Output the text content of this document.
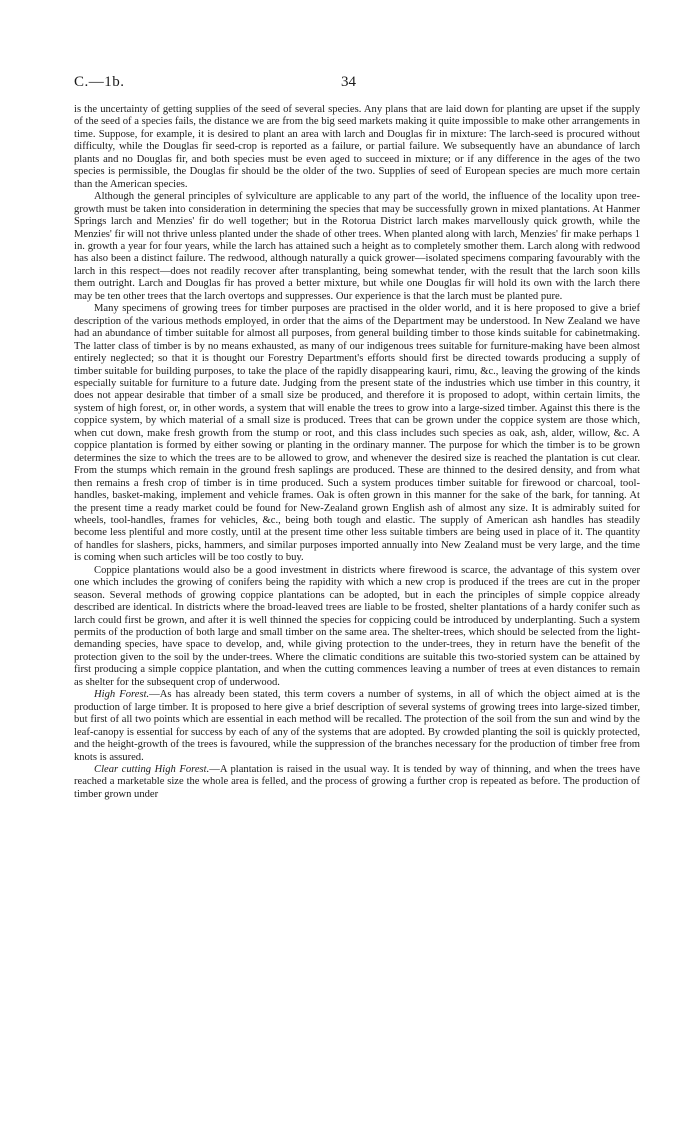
C.—1b.	34

is the uncertainty of getting supplies of the seed of several species. Any plans that are laid down for planting are upset if the supply of the seed of a species fails, the distance we are from the big seed markets making it quite impossible to make other arrangements in time. Suppose, for example, it is desired to plant an area with larch and Douglas fir in mixture: The larch-seed is procured without difficulty, while the Douglas fir seed-crop is reported as a failure, or partial failure. We subsequently have an abundance of larch plants and no Douglas fir, and both species must be even aged to succeed in mixture; or if any difference in the ages of the two species is permissible, the Douglas fir should be the older of the two. Supplies of seed of European species are much more certain than the American species.

Although the general principles of sylviculture are applicable to any part of the world, the influence of the locality upon tree-growth must be taken into consideration in determining the species that may be successfully grown in mixed plantations. At Hanmer Springs larch and Menzies' fir do well together; but in the Rotorua District larch makes marvellously quick growth, while the Menzies' fir will not thrive unless planted under the shade of other trees. When planted along with larch, Menzies' fir make perhaps 1 in. growth a year for four years, while the larch has attained such a height as to completely smother them. Larch along with redwood has also been a distinct failure. The redwood, although naturally a quick grower—isolated specimens comparing favourably with the larch in this respect—does not readily recover after transplanting, being somewhat tender, with the result that the larch soon kills them outright. Larch and Douglas fir has proved a better mixture, but while one Douglas fir will hold its own with the larch there may be ten other trees that the larch overtops and suppresses. Our experience is that the larch must be planted pure.

Many specimens of growing trees for timber purposes are practised in the older world, and it is here proposed to give a brief description of the various methods employed, in order that the aims of the Department may be understood. In New Zealand we have had an abundance of timber suitable for almost all purposes, from general building timber to those kinds suitable for cabinetmaking. The latter class of timber is by no means exhausted, as many of our indigenous trees suitable for furniture-making have been almost entirely neglected; so that it is thought our Forestry Department's efforts should first be directed towards producing a supply of timber suitable for building purposes, to take the place of the rapidly disappearing kauri, rimu, &c., leaving the growing of the kinds especially suitable for furniture to a future date. Judging from the present state of the industries which use timber in this country, it does not appear desirable that timber of a small size be produced, and therefore it is proposed to adopt, within certain limits, the system of high forest, or, in other words, a system that will enable the trees to grow into a large-sized timber. Against this there is the coppice system, by which material of a small size is produced. Trees that can be grown under the coppice system are those which, when cut down, make fresh growth from the stump or root, and this class includes such species as oak, ash, alder, willow, &c. A coppice plantation is formed by either sowing or planting in the ordinary manner. The purpose for which the timber is to be grown determines the size to which the trees are to be allowed to grow, and whenever the desired size is reached the plantation is cut clear. From the stumps which remain in the ground fresh saplings are produced. These are thinned to the desired density, and from what then remains a fresh crop of timber is in time produced. Such a system produces timber suitable for firewood or charcoal, tool-handles, basket-making, implement and vehicle frames. Oak is often grown in this manner for the sake of the bark, for tanning. At the present time a ready market could be found for New-Zealand grown English ash of almost any size. It is admirably suited for wheels, tool-handles, frames for vehicles, &c., being both tough and elastic. The supply of American ash handles has steadily become less plentiful and more costly, until at the present time other less suitable timbers are being used in place of it. The quantity of handles for slashers, picks, hammers, and similar purposes imported annually into New Zealand must be very large, and the time is coming when such articles will be too costly to buy.

Coppice plantations would also be a good investment in districts where firewood is scarce, the advantage of this system over one which includes the growing of conifers being the rapidity with which a new crop is produced if the trees are cut in the proper season. Several methods of growing coppice plantations can be adopted, but in each the principles of simple coppice already described are identical. In districts where the broad-leaved trees are liable to be frosted, shelter plantations of a hardy conifer such as larch could first be grown, and after it is well thinned the species for coppicing could be introduced by underplanting. Such a system permits of the production of both large and small timber on the same area. The shelter-trees, which should be selected from the light-demanding species, have space to develop, and, while giving protection to the under-trees, they in return have the benefit of the protection given to the soil by the under-trees. Where the climatic conditions are suitable this two-storied system can be attained by first producing a simple coppice plantation, and when the cutting commences leaving a number of trees at even distances to remain as shelter for the subsequent crop of underwood.

High Forest.—As has already been stated, this term covers a number of systems, in all of which the object aimed at is the production of large timber. It is proposed to here give a brief description of several systems of growing trees into large-sized timber, but first of all two points which are essential in each method will be recalled. The protection of the soil from the sun and wind by the leaf-canopy is essential for success by each of any of the systems that are adopted. By crowded planting the soil is quickly protected, and the height-growth of the trees is favoured, while the suppression of the branches necessary for the production of timber free from knots is assured.

Clear cutting High Forest.—A plantation is raised in the usual way. It is tended by way of thinning, and when the trees have reached a marketable size the whole area is felled, and the process of growing a further crop is repeated as before. The production of timber grown under
